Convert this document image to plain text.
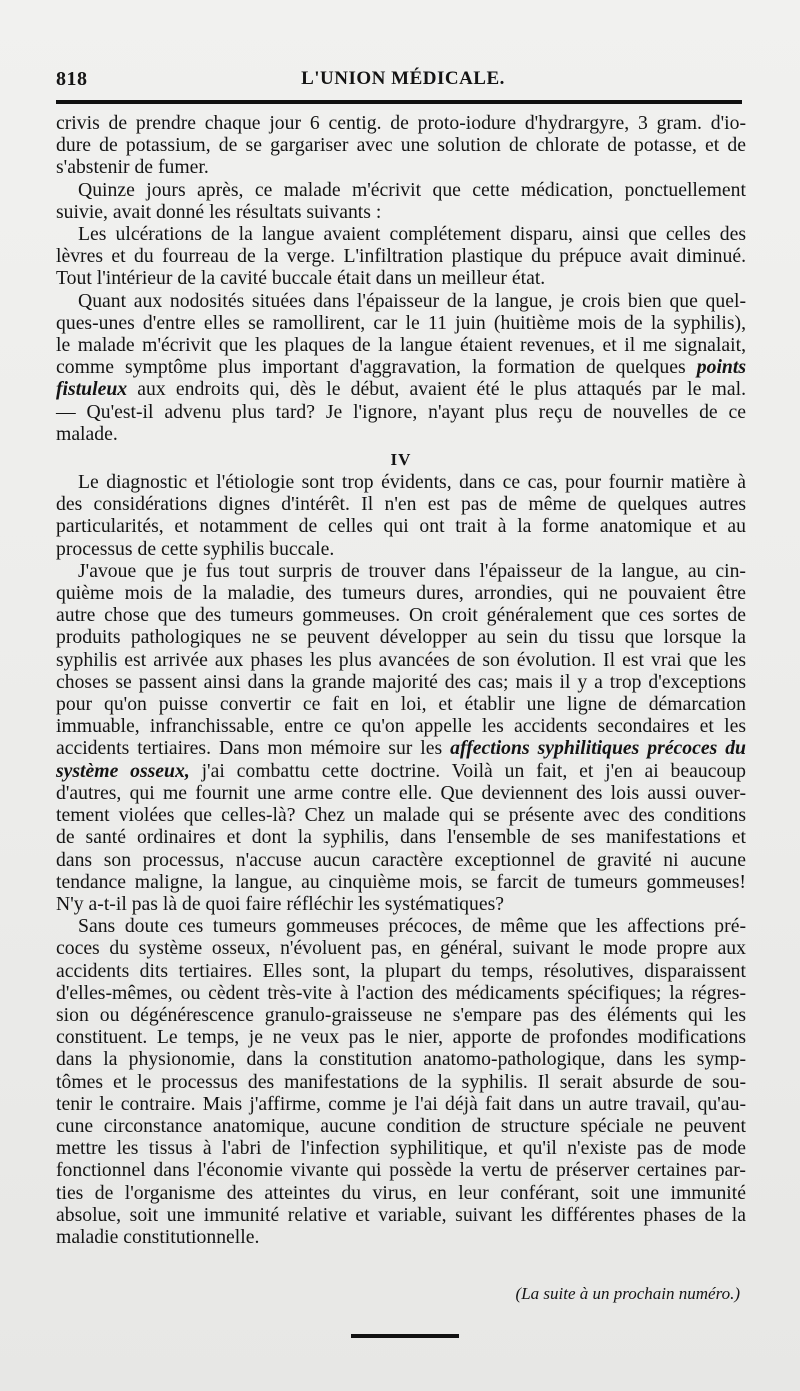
818	L'UNION MÉDICALE.
crivis de prendre chaque jour 6 centig. de proto-iodure d'hydrargyre, 3 gram. d'io-
dure de potassium, de se gargariser avec une solution de chlorate de potasse, et de
s'abstenir de fumer.
Quinze jours après, ce malade m'écrivit que cette médication, ponctuellement
suivie, avait donné les résultats suivants :
Les ulcérations de la langue avaient complétement disparu, ainsi que celles des
lèvres et du fourreau de la verge. L'infiltration plastique du prépuce avait diminué.
Tout l'intérieur de la cavité buccale était dans un meilleur état.
Quant aux nodosités situées dans l'épaisseur de la langue, je crois bien que quel-
ques-unes d'entre elles se ramollirent, car le 11 juin (huitième mois de la syphilis),
le malade m'écrivit que les plaques de la langue étaient revenues, et il me signalait,
comme symptôme plus important d'aggravation, la formation de quelques points
fistuleux aux endroits qui, dès le début, avaient été le plus attaqués par le mal.
— Qu'est-il advenu plus tard? Je l'ignore, n'ayant plus reçu de nouvelles de ce
malade.
IV
Le diagnostic et l'étiologie sont trop évidents, dans ce cas, pour fournir matière à
des considérations dignes d'intérêt. Il n'en est pas de même de quelques autres
particularités, et notamment de celles qui ont trait à la forme anatomique et au
processus de cette syphilis buccale.
J'avoue que je fus tout surpris de trouver dans l'épaisseur de la langue, au cin-
quième mois de la maladie, des tumeurs dures, arrondies, qui ne pouvaient être
autre chose que des tumeurs gommeuses. On croit généralement que ces sortes de
produits pathologiques ne se peuvent développer au sein du tissu que lorsque la
syphilis est arrivée aux phases les plus avancées de son évolution. Il est vrai que les
choses se passent ainsi dans la grande majorité des cas; mais il y a trop d'exceptions
pour qu'on puisse convertir ce fait en loi, et établir une ligne de démarcation
immuable, infranchissable, entre ce qu'on appelle les accidents secondaires et les
accidents tertiaires. Dans mon mémoire sur les affections syphilitiques précoces du
système osseux, j'ai combattu cette doctrine. Voilà un fait, et j'en ai beaucoup
d'autres, qui me fournit une arme contre elle. Que deviennent des lois aussi ouver-
tement violées que celles-là? Chez un malade qui se présente avec des conditions
de santé ordinaires et dont la syphilis, dans l'ensemble de ses manifestations et
dans son processus, n'accuse aucun caractère exceptionnel de gravité ni aucune
tendance maligne, la langue, au cinquième mois, se farcit de tumeurs gommeuses!
N'y a-t-il pas là de quoi faire réfléchir les systématiques?
Sans doute ces tumeurs gommeuses précoces, de même que les affections pré-
coces du système osseux, n'évoluent pas, en général, suivant le mode propre aux
accidents dits tertiaires. Elles sont, la plupart du temps, résolutives, disparaissent
d'elles-mêmes, ou cèdent très-vite à l'action des médicaments spécifiques; la régres-
sion ou dégénérescence granulo-graisseuse ne s'empare pas des éléments qui les
constituent. Le temps, je ne veux pas le nier, apporte de profondes modifications
dans la physionomie, dans la constitution anatomo-pathologique, dans les symp-
tômes et le processus des manifestations de la syphilis. Il serait absurde de sou-
tenir le contraire. Mais j'affirme, comme je l'ai déjà fait dans un autre travail, qu'au-
cune circonstance anatomique, aucune condition de structure spéciale ne peuvent
mettre les tissus à l'abri de l'infection syphilitique, et qu'il n'existe pas de mode
fonctionnel dans l'économie vivante qui possède la vertu de préserver certaines par-
ties de l'organisme des atteintes du virus, en leur conférant, soit une immunité
absolue, soit une immunité relative et variable, suivant les différentes phases de la
maladie constitutionnelle.
(La suite à un prochain numéro.)
